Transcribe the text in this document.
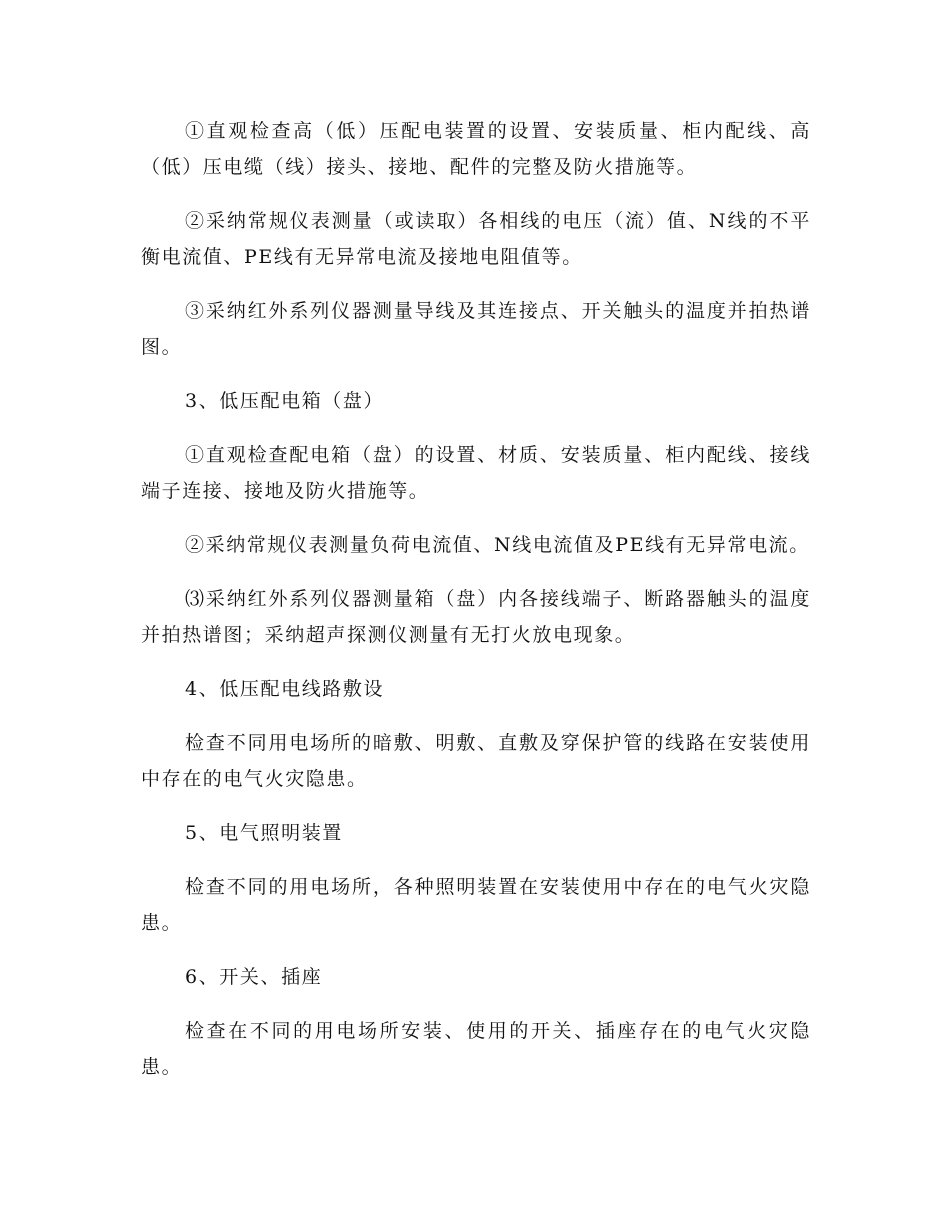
①直观检查高（低）压配电装置的设置、安装质量、柜内配线、高（低）压电缆（线）接头、接地、配件的完整及防火措施等。

②采纳常规仪表测量（或读取）各相线的电压（流）值、N线的不平衡电流值、PE线有无异常电流及接地电阻值等。

③采纳红外系列仪器测量导线及其连接点、开关触头的温度并拍热谱图。

3、低压配电箱（盘）

①直观检查配电箱（盘）的设置、材质、安装质量、柜内配线、接线端子连接、接地及防火措施等。

②采纳常规仪表测量负荷电流值、N线电流值及PE线有无异常电流。

⑶采纳红外系列仪器测量箱（盘）内各接线端子、断路器触头的温度并拍热谱图；采纳超声探测仪测量有无打火放电现象。

4、低压配电线路敷设

检查不同用电场所的暗敷、明敷、直敷及穿保护管的线路在安装使用中存在的电气火灾隐患。

5、电气照明装置

检查不同的用电场所，各种照明装置在安装使用中存在的电气火灾隐患。

6、开关、插座

检查在不同的用电场所安装、使用的开关、插座存在的电气火灾隐患。
